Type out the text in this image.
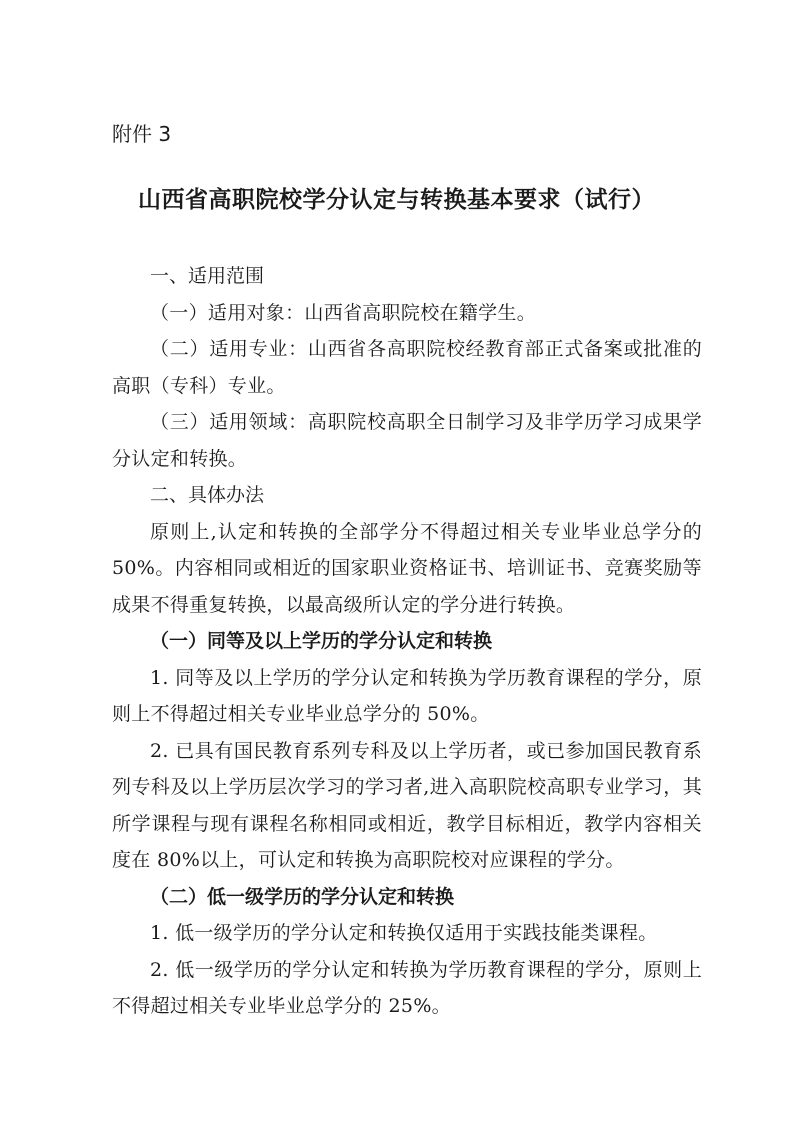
附件 3

山西省高职院校学分认定与转换基本要求（试行）

一、适用范围

（一）适用对象：山西省高职院校在籍学生。

（二）适用专业：山西省各高职院校经教育部正式备案或批准的高职（专科）专业。

（三）适用领域：高职院校高职全日制学习及非学历学习成果学分认定和转换。

二、具体办法

原则上,认定和转换的全部学分不得超过相关专业毕业总学分的50%。内容相同或相近的国家职业资格证书、培训证书、竞赛奖励等成果不得重复转换，以最高级所认定的学分进行转换。

（一）同等及以上学历的学分认定和转换

1. 同等及以上学历的学分认定和转换为学历教育课程的学分，原则上不得超过相关专业毕业总学分的 50%。

2. 已具有国民教育系列专科及以上学历者，或已参加国民教育系列专科及以上学历层次学习的学习者,进入高职院校高职专业学习，其所学课程与现有课程名称相同或相近，教学目标相近，教学内容相关度在 80%以上，可认定和转换为高职院校对应课程的学分。

（二）低一级学历的学分认定和转换

1. 低一级学历的学分认定和转换仅适用于实践技能类课程。

2. 低一级学历的学分认定和转换为学历教育课程的学分，原则上不得超过相关专业毕业总学分的 25%。
